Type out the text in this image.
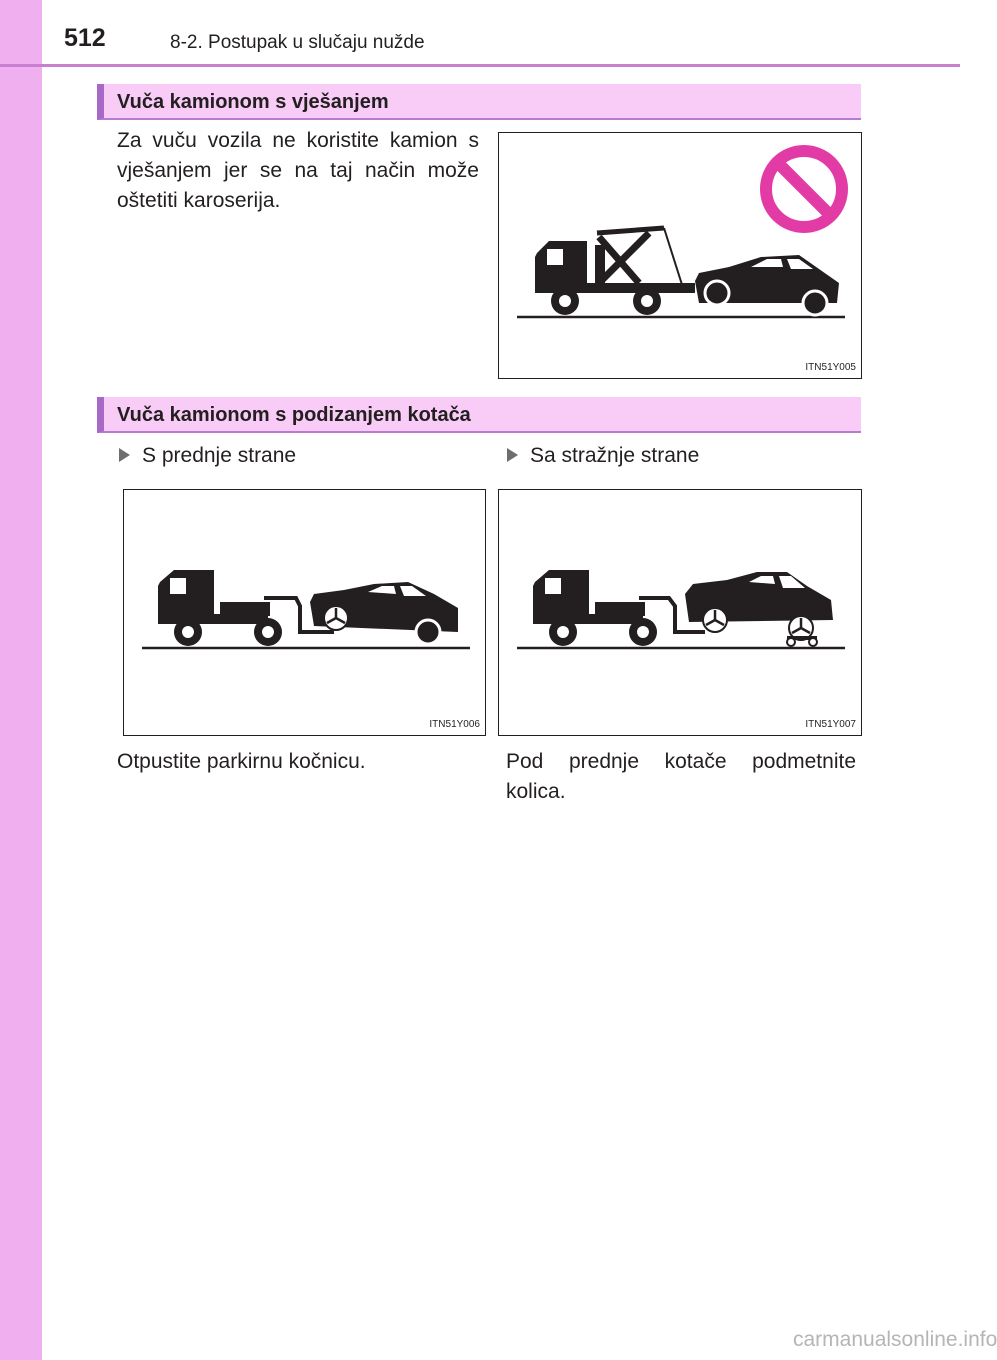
512	8-2. Postupak u slučaju nužde
Vuča kamionom s vješanjem
Za vuču vozila ne koristite kamion s vješanjem jer se na taj način može oštetiti karoserija.
ITN51Y005
Vuča kamionom s podizanjem kotača
S prednje strane	Sa stražnje strane
ITN51Y006	ITN51Y007
Otpustite parkirnu kočnicu.	Pod prednje kotače podmetnite kolica.
carmanualsonline.info
